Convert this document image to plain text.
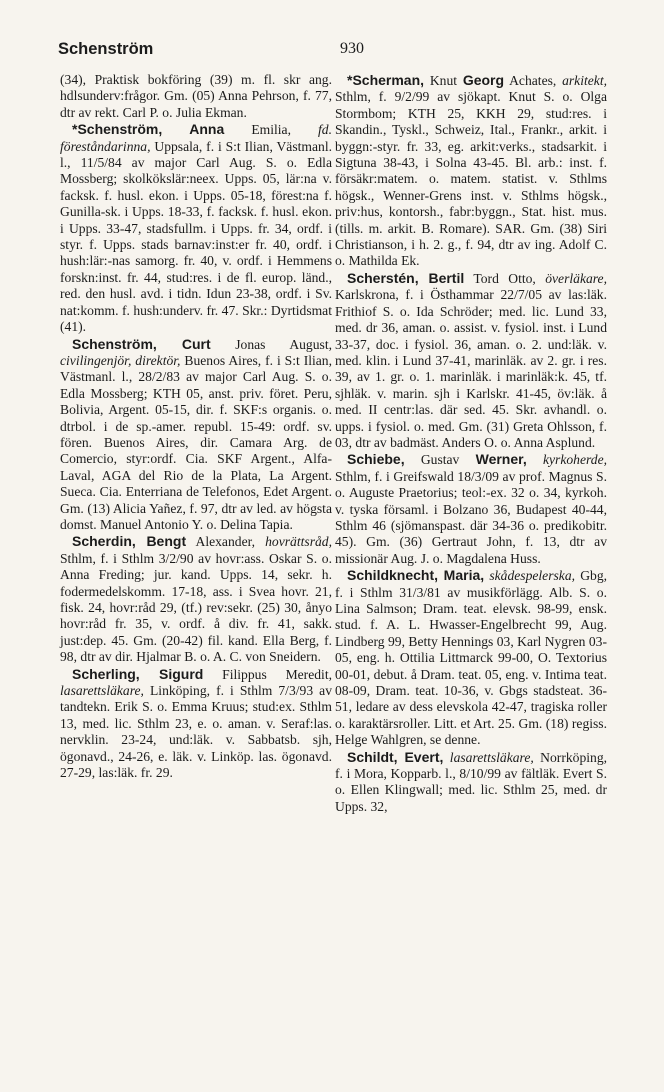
Schenström	930

(34), Praktisk bokföring (39) m. fl. skr ang. hdlsunderv:frågor. Gm. (05) Anna Pehrson, f. 77, dtr av rekt. Carl P. o. Julia Ekman.

*Schenström, Anna Emilia, fd. föreståndarinna, Uppsala, f. i S:t Ilian, Västmanl. l., 11/5/84 av major Carl Aug. S. o. Edla Mossberg; skolkökslär:neex. Upps. 05, lär:na v. facksk. f. husl. ekon. i Upps. 05-18, förest:na f. Gunilla-sk. i Upps. 18-33, f. facksk. f. husl. ekon. i Upps. 33-47, stadsfullm. i Upps. fr. 34, ordf. i styr. f. Upps. stads barnav:inst:er fr. 40, ordf. i hush:lär:-nas samorg. fr. 40, v. ordf. i Hemmens forskn:inst. fr. 44, stud:res. i de fl. europ. länd., red. den husl. avd. i tidn. Idun 23-38, ordf. i Sv. nat:komm. f. hush:underv. fr. 47. Skr.: Dyrtidsmat (41).

Schenström, Curt Jonas August, civilingenjör, direktör, Buenos Aires, f. i S:t Ilian, Västmanl. l., 28/2/83 av major Carl Aug. S. o. Edla Mossberg; KTH 05, anst. priv. föret. Peru, Bolivia, Argent. 05-15, dir. f. SKF:s organis. o. dtrbol. i de sp.-amer. republ. 15-49: ordf. sv. fören. Buenos Aires, dir. Camara Arg. de Comercio, styr:ordf. Cia. SKF Argent., Alfa-Laval, AGA del Rio de la Plata, La Argent. Sueca. Cia. Enterriana de Telefonos, Edet Argent. Gm. (13) Alicia Yañez, f. 97, dtr av led. av högsta domst. Manuel Antonio Y. o. Delina Tapia.

Scherdin, Bengt Alexander, hovrättsråd, Sthlm, f. i Sthlm 3/2/90 av hovr:ass. Oskar S. o. Anna Freding; jur. kand. Upps. 14, sekr. h. fodermedelskomm. 17-18, ass. i Svea hovr. 21, fisk. 24, hovr:råd 29, (tf.) rev:sekr. (25) 30, ånyo hovr:råd fr. 35, v. ordf. å div. fr. 41, sakk. just:dep. 45. Gm. (20-42) fil. kand. Ella Berg, f. 98, dtr av dir. Hjalmar B. o. A. C. von Sneidern.

Scherling, Sigurd Filippus Meredit, lasarettsläkare, Linköping, f. i Sthlm 7/3/93 av tandtekn. Erik S. o. Emma Kruus; stud:ex. Sthlm 13, med. lic. Sthlm 23, e. o. aman. v. Seraf:las. nervklin. 23-24, und:läk. v. Sabbatsb. sjh, ögonavd., 24-26, e. läk. v. Linköp. las. ögonavd. 27-29, las:läk. fr. 29.

*Scherman, Knut Georg Achates, arkitekt, Sthlm, f. 9/2/99 av sjökapt. Knut S. o. Olga Stormbom; KTH 25, KKH 29, stud:res. i Skandin., Tyskl., Schweiz, Ital., Frankr., arkit. i byggn:-styr. fr. 33, eg. arkit:verks., stadsarkit. i Sigtuna 38-43, i Solna 43-45. Bl. arb.: inst. f. försäkr:matem. o. matem. statist. v. Sthlms högsk., Wenner-Grens inst. v. Sthlms högsk., priv:hus, kontorsh., fabr:byggn., Stat. hist. mus. (tills. m. arkit. B. Romare). SAR. Gm. (38) Siri Christianson, i h. 2. g., f. 94, dtr av ing. Adolf C. o. Mathilda Ek.

Scherstén, Bertil Tord Otto, överläkare, Karlskrona, f. i Östhammar 22/7/05 av las:läk. Frithiof S. o. Ida Schröder; med. lic. Lund 33, med. dr 36, aman. o. assist. v. fysiol. inst. i Lund 33-37, doc. i fysiol. 36, aman. o. 2. und:läk. v. med. klin. i Lund 37-41, marinläk. av 2. gr. i res. 39, av 1. gr. o. 1. marinläk. i marinläk:k. 45, tf. sjhläk. v. marin. sjh i Karlskr. 41-45, öv:läk. å med. II centr:las. där sed. 45. Skr. avhandl. o. upps. i fysiol. o. med. Gm. (31) Greta Ohlsson, f. 03, dtr av badmäst. Anders O. o. Anna Asplund.

Schiebe, Gustav Werner, kyrkoherde, Sthlm, f. i Greifswald 18/3/09 av prof. Magnus S. o. Auguste Praetorius; teol:-ex. 32 o. 34, kyrkoh. v. tyska församl. i Bolzano 36, Budapest 40-44, Sthlm 46 (sjömanspast. där 34-36 o. predikobitr. 45). Gm. (36) Gertraut John, f. 13, dtr av missionär Aug. J. o. Magdalena Huss.

Schildknecht, Maria, skådespelerska, Gbg, f. i Sthlm 31/3/81 av musikförlägg. Alb. S. o. Lina Salmson; Dram. teat. elevsk. 98-99, ensk. stud. f. A. L. Hwasser-Engelbrecht 99, Aug. Lindberg 99, Betty Hennings 03, Karl Nygren 03-05, eng. h. Ottilia Littmarck 99-00, O. Textorius 00-01, debut. å Dram. teat. 05, eng. v. Intima teat. 08-09, Dram. teat. 10-36, v. Gbgs stadsteat. 36-51, ledare av dess elevskola 42-47, tragiska roller o. karaktärsroller. Litt. et Art. 25. Gm. (18) regiss. Helge Wahlgren, se denne.

Schildt, Evert, lasarettsläkare, Norrköping, f. i Mora, Kopparb. l., 8/10/99 av fältläk. Evert S. o. Ellen Klingwall; med. lic. Sthlm 25, med. dr Upps. 32,
